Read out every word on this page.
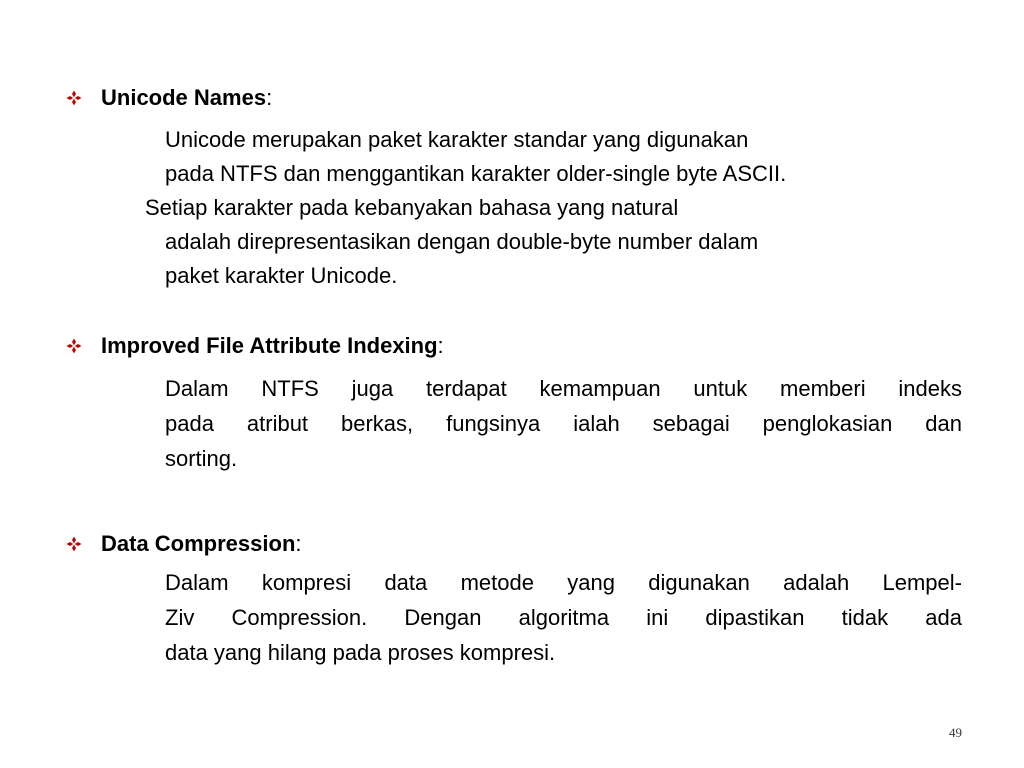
Unicode Names :
Unicode merupakan paket karakter standar yang digunakan
pada NTFS dan menggantikan karakter older-single byte ASCII.
Setiap karakter pada kebanyakan bahasa yang natural
adalah direpresentasikan dengan double-byte number dalam
paket karakter Unicode.
Improved File Attribute Indexing :
Dalam NTFS juga terdapat kemampuan untuk memberi indeks
pada atribut berkas, fungsinya ialah sebagai penglokasian dan
sorting.
Data Compression :
Dalam kompresi data metode yang digunakan adalah Lempel-
Ziv Compression. Dengan algoritma ini dipastikan tidak ada
data yang hilang pada proses kompresi.
49
